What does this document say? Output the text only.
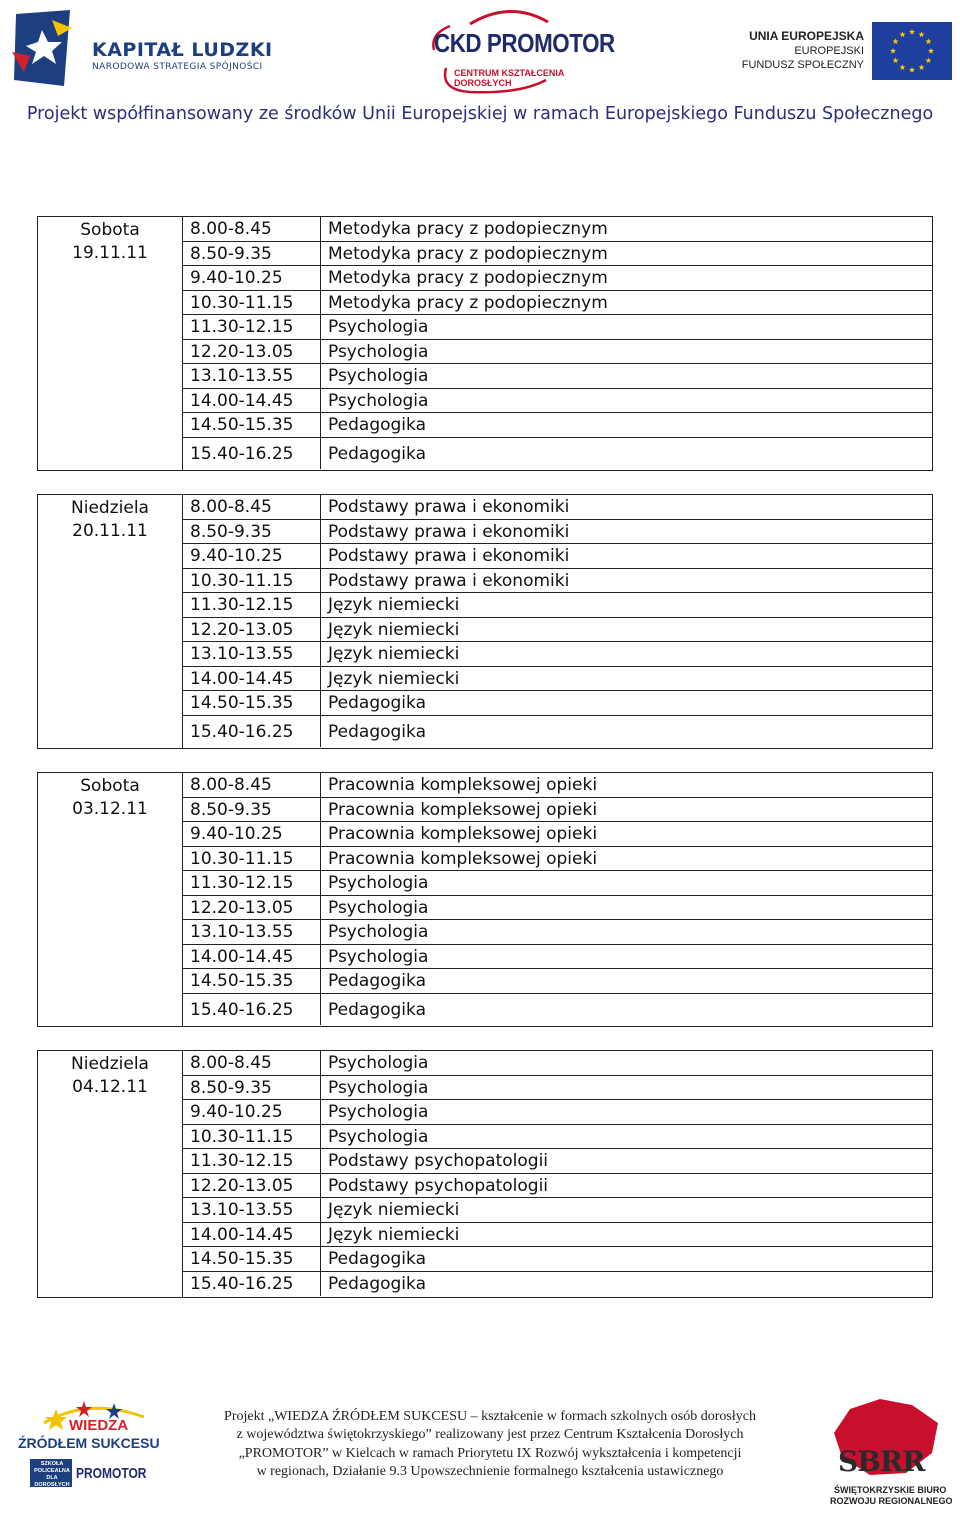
KAPITAŁ LUDZKI
NARODOWA STRATEGIA SPÓJNOŚCI
CKD PROMOTOR
CENTRUM KSZTAŁCENIA
DOROSŁYCH
UNIA EUROPEJSKA
EUROPEJSKI
FUNDUSZ SPOŁECZNY
Projekt współfinansowany ze środków Unii Europejskiej w ramach Europejskiego Funduszu Społecznego
Sobota
19.11.11
8.00-8.45	Metodyka pracy z podopiecznym
8.50-9.35	Metodyka pracy z podopiecznym
9.40-10.25	Metodyka pracy z podopiecznym
10.30-11.15 Metodyka pracy z podopiecznym
11.30-12.15 Psychologia
12.20-13.05 Psychologia
13.10-13.55 Psychologia
14.00-14.45 Psychologia
14.50-15.35 Pedagogika
15.40-16.25 Pedagogika
Niedziela
20.11.11
8.00-8.45	Podstawy prawa i ekonomiki
8.50-9.35	Podstawy prawa i ekonomiki
9.40-10.25	Podstawy prawa i ekonomiki
10.30-11.15 Podstawy prawa i ekonomiki
11.30-12.15 Język niemiecki
12.20-13.05 Język niemiecki
13.10-13.55 Język niemiecki
14.00-14.45 Język niemiecki
14.50-15.35 Pedagogika
15.40-16.25 Pedagogika
Sobota
03.12.11
8.00-8.45	Pracownia kompleksowej opieki
8.50-9.35	Pracownia kompleksowej opieki
9.40-10.25	Pracownia kompleksowej opieki
10.30-11.15 Pracownia kompleksowej opieki
11.30-12.15 Psychologia
12.20-13.05 Psychologia
13.10-13.55 Psychologia
14.00-14.45 Psychologia
14.50-15.35 Pedagogika
15.40-16.25 Pedagogika
Niedziela
04.12.11
8.00-8.45	Psychologia
8.50-9.35	Psychologia
9.40-10.25	Psychologia
10.30-11.15 Psychologia
11.30-12.15 Podstawy psychopatologii
12.20-13.05 Podstawy psychopatologii
13.10-13.55 Język niemiecki
14.00-14.45 Język niemiecki
14.50-15.35 Pedagogika
15.40-16.25 Pedagogika
WIEDZA
ŹRÓDŁEM SUKCESU
SZKOŁA POLICEALNA DLA DOROSŁYCH
PROMOTOR
Projekt „WIEDZA ŹRÓDŁEM SUKCESU – kształcenie w formach szkolnych osób dorosłych
z województwa świętokrzyskiego” realizowany jest przez Centrum Kształcenia Dorosłych
„PROMOTOR” w Kielcach w ramach Priorytetu IX Rozwój wykształcenia i kompetencji
w regionach, Działanie 9.3 Upowszechnienie formalnego kształcenia ustawicznego	SBRR
ŚWIĘTOKRZYSKIE BIURO
ROZWOJU REGIONALNEGO
